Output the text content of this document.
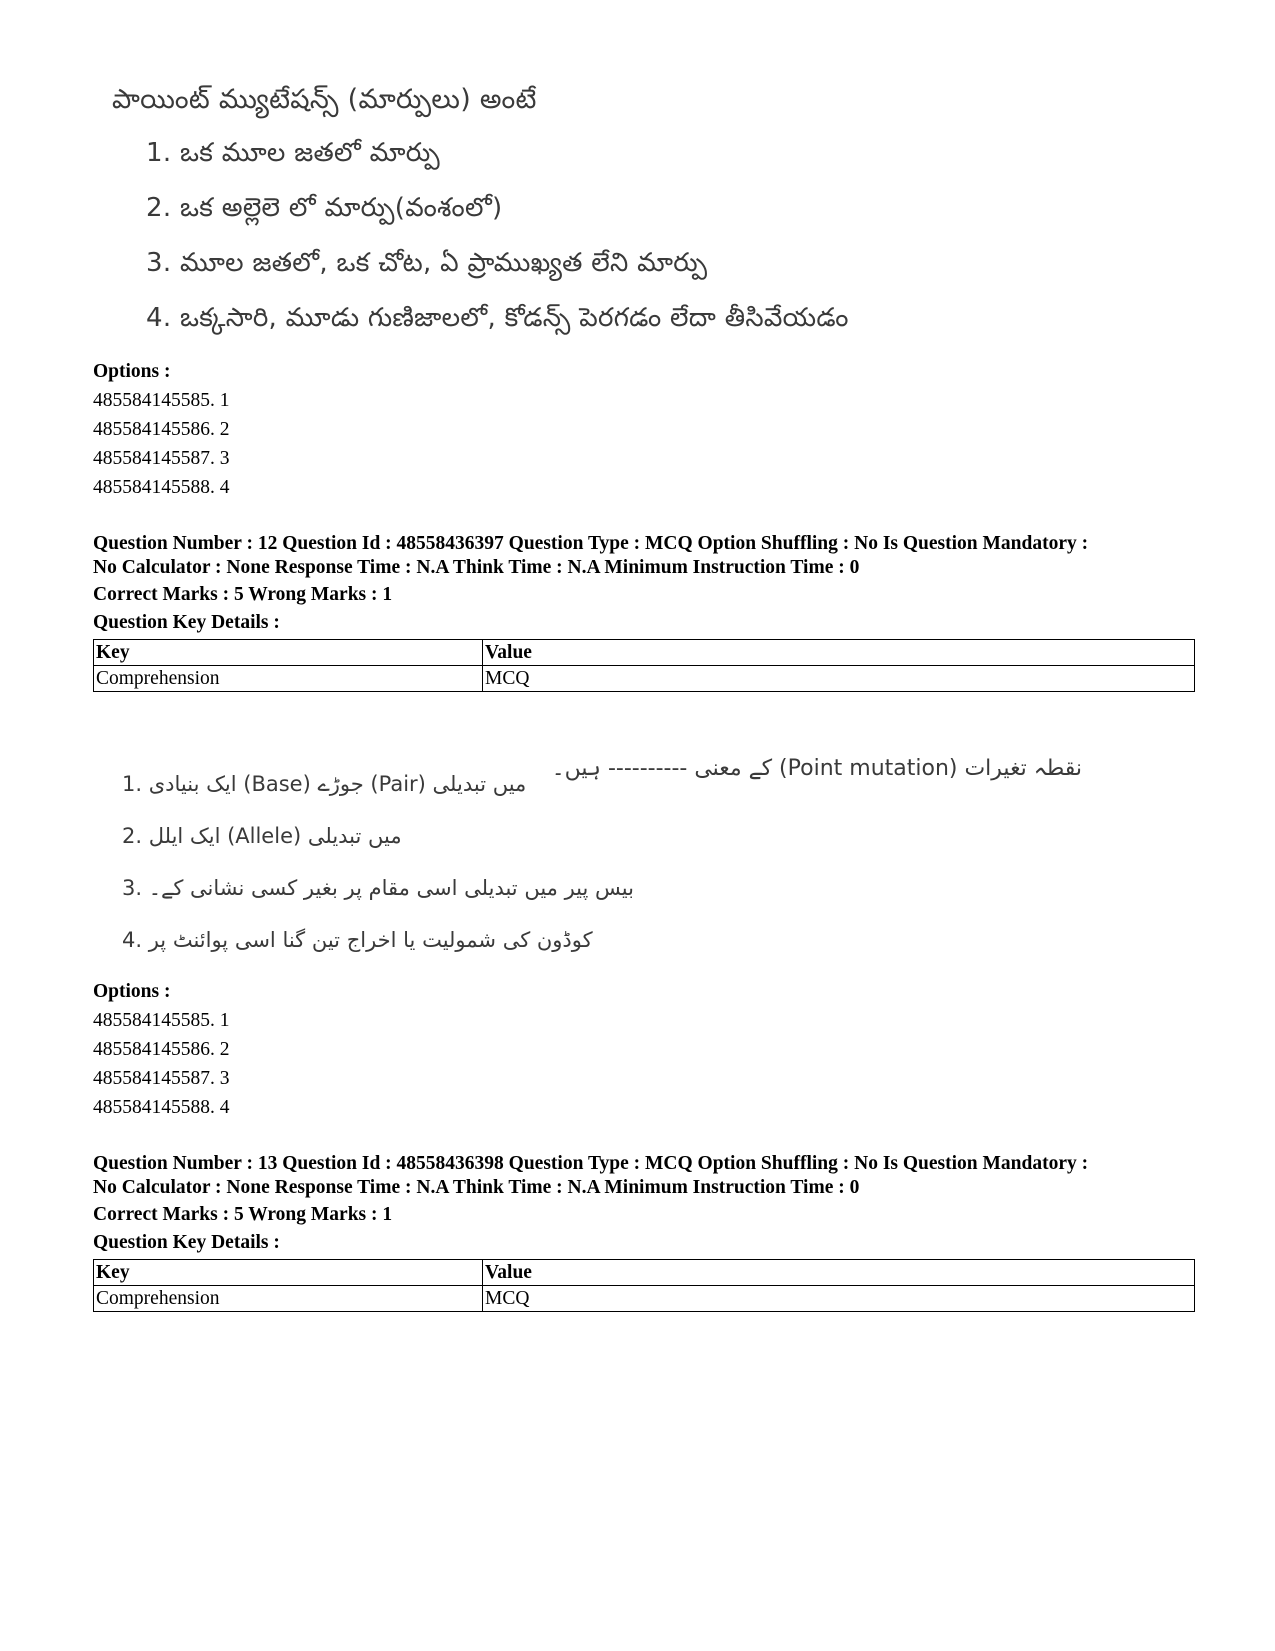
పాయింట్ మ్యుటేషన్స్ (మార్పులు) అంటే
1. ఒక మూల జతలో మార్పు
2. ఒక అల్లెలె లో మార్పు(వంశంలో)
3. మూల జతలో, ఒక చోట, ఏ ప్రాముఖ్యత లేని మార్పు
4. ఒక్కసారి, మూడు గుణిజాలలో, కోడన్స్ పెరగడం లేదా తీసివేయడం
Options :
485584145585. 1
485584145586. 2
485584145587. 3
485584145588. 4
Question Number : 12 Question Id : 48558436397 Question Type : MCQ Option Shuffling : No Is Question Mandatory :
No Calculator : None Response Time : N.A Think Time : N.A Minimum Instruction Time : 0
Correct Marks : 5 Wrong Marks : 1
Question Key Details :
Key	Value
Comprehension	MCQ
نقطہ تغیرات (Point mutation) کے معنی ---------- ہیں۔
1. ایک بنیادی (Base) جوڑے (Pair) میں تبدیلی
2. ایک ایلل (Allele) میں تبدیلی
3. بیس پیر میں تبدیلی اسی مقام پر بغیر کسی نشانی کے۔
4. کوڈون کی شمولیت یا اخراج تین گنا اسی پوائنٹ پر
Options :
485584145585. 1
485584145586. 2
485584145587. 3
485584145588. 4
Question Number : 13 Question Id : 48558436398 Question Type : MCQ Option Shuffling : No Is Question Mandatory :
No Calculator : None Response Time : N.A Think Time : N.A Minimum Instruction Time : 0
Correct Marks : 5 Wrong Marks : 1
Question Key Details :
Key	Value
Comprehension	MCQ
